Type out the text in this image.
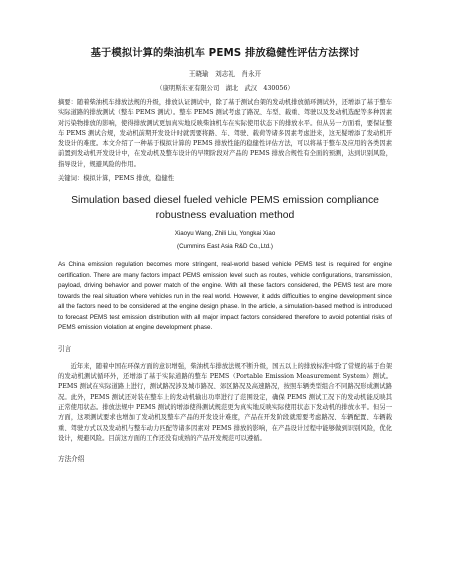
基于模拟计算的柴油机车 PEMS 排放稳健性评估方法探讨

王晓瑜　刘志礼　肖永开

（康明斯东亚有限公司　湖北　武汉　430056）

摘要：随着柴油机车排放法规的升级，排放认证测试中，除了基于测试台架的发动机排放循环测试外，还增添了基于整车实际道路的排放测试（整车 PEMS 测试）。整车 PEMS 测试考虑了路况、车型、载重、驾驶以及发动机选配等多种因素对污染物排放的影响，使得排放测试更加真实地反映柴油机车在实际使用状态下的排放水平。但从另一方面看，要保证整车 PEMS 测试合规，发动机前期开发设计时就需要将路、车、驾驶、载荷等诸多因素考虑进来，这无疑增添了发动机开发设计的难度。本文介绍了一种基于模拟计算的 PEMS 排放性能的稳健性评估方法，可以将基于整车及应用的各类因素前置到发动机开发设计中，在发动机及整车设计的早期阶段对产品的 PEMS 排放合规性有全面的预测，达到识别风险，指导设计，规避风险的作用。

关键词：模拟计算，PEMS 排放，稳健性

Simulation based diesel fueled vehicle PEMS emission compliance robustness evaluation method

Xiaoyu Wang, Zhili Liu, Yongkai Xiao

(Cummins East Asia R&D Co.,Ltd.)

As China emission regulation becomes more stringent, real-world based vehicle PEMS test is required for engine certification. There are many factors impact PEMS emission level such as routes, vehicle configurations, transmission, payload, driving behavior and power match of the engine. With all these factors considered, the PEMS test are more towards the real situation where vehicles run in the real world. However, it adds difficulties to engine development since all the factors need to be considered at the engine design phase. In the article, a simulation-based method is introduced to forecast PEMS test emission distribution with all major impact factors considered therefore to avoid potential risks of PEMS emission violation at engine development phase.

引言

近年来，随着中国在环保方面的意识增强，柴油机车排放法规不断升级，国五以上的排放标准中除了常规的基于台架的发动机测试循环外，还增添了基于实际道路的整车 PEMS（Portable Emission Measurement System）测试。PEMS 测试在实际道路上进行，测试路况涉及城市路况、郊区路况及高速路况，按照车辆类型组合不同路况形成测试路况。此外，PEMS 测试还对装在整车上的发动机输出功率进行了范围设定，确保 PEMS 测试工况下的发动机能反映其正常使用状态。排放法规中 PEMS 测试的增添使得测试规范更为真实地反映实际使用状态下发动机的排放水平。但另一方面，这项测试要求也增加了发动机及整车产品的开发设计难度，产品在开发阶段就需要考虑路况、车辆配置、车辆载重、驾驶方式以及发动机与整车动力匹配等诸多因素对 PEMS 排放的影响，在产品设计过程中能够做到识别风险，优化设计，规避风险。目前这方面的工作还没有成熟的产品开发规范可以遵循。

方法介绍
